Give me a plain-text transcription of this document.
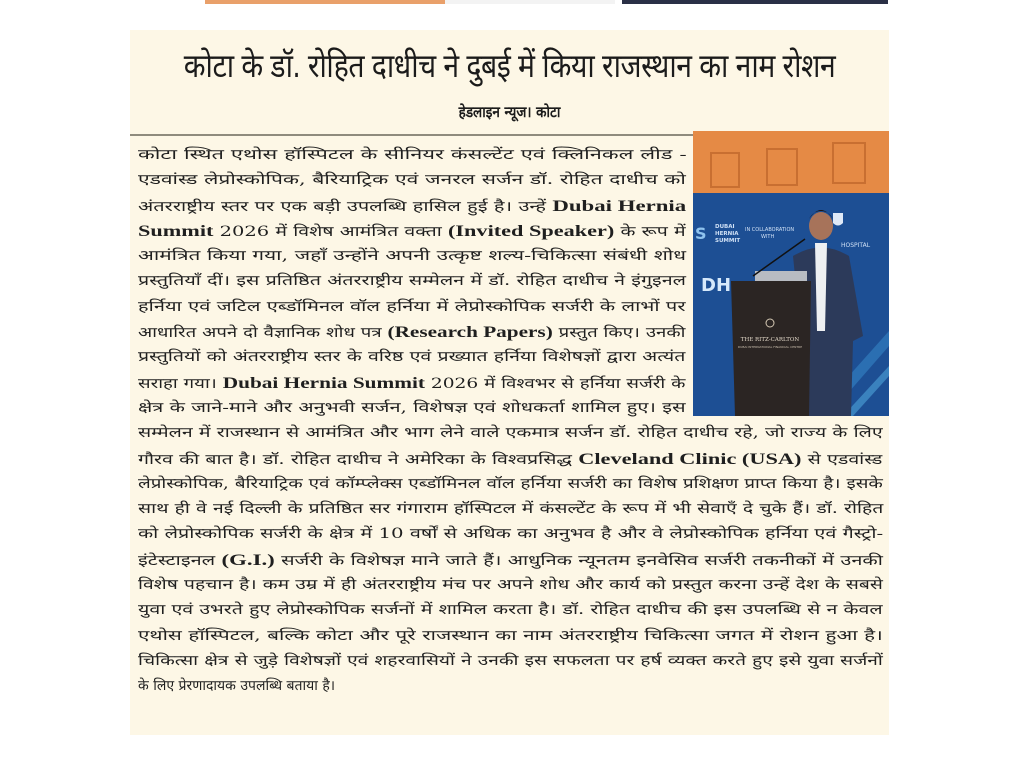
कोटा के डॉ. रोहित दाधीच ने दुबई में किया राजस्थान का नाम रोशन
हेडलाइन न्यूज। कोटा
DUBAI
HERNIA
SUMMIT
IN COLLABORATION
WITH
HOSPITAL
DH
S
THE RITZ-CARLTON
DUBAI INTERNATIONAL FINANCIAL CENTRE
कोटा स्थित एथोस हॉस्पिटल के सीनियर कंसल्टेंट एवं क्लिनिकल लीड -
एडवांस्ड लेप्रोस्कोपिक, बैरियाट्रिक एवं जनरल सर्जन डॉ. रोहित दाधीच को
अंतरराष्ट्रीय स्तर पर एक बड़ी उपलब्धि हासिल हुई है। उन्हें Dubai Hernia
Summit 2026 में विशेष आमंत्रित वक्ता (Invited Speaker) के रूप में
आमंत्रित किया गया, जहाँ उन्होंने अपनी उत्कृष्ट शल्य-चिकित्सा संबंधी शोध
प्रस्तुतियाँ दीं। इस प्रतिष्ठित अंतरराष्ट्रीय सम्मेलन में डॉ. रोहित दाधीच ने इंगुइनल
हर्निया एवं जटिल एब्डॉमिनल वॉल हर्निया में लेप्रोस्कोपिक सर्जरी के लाभों पर
आधारित अपने दो वैज्ञानिक शोध पत्र (Research Papers) प्रस्तुत किए। उनकी
प्रस्तुतियों को अंतरराष्ट्रीय स्तर के वरिष्ठ एवं प्रख्यात हर्निया विशेषज्ञों द्वारा अत्यंत
सराहा गया। Dubai Hernia Summit 2026 में विश्वभर से हर्निया सर्जरी के
क्षेत्र के जाने-माने और अनुभवी सर्जन, विशेषज्ञ एवं शोधकर्ता शामिल हुए। इस
सम्मेलन में राजस्थान से आमंत्रित और भाग लेने वाले एकमात्र सर्जन डॉ. रोहित दाधीच रहे, जो राज्य के लिए
गौरव की बात है। डॉ. रोहित दाधीच ने अमेरिका के विश्वप्रसिद्ध Cleveland Clinic (USA) से एडवांस्ड
लेप्रोस्कोपिक, बैरियाट्रिक एवं कॉम्प्लेक्स एब्डॉमिनल वॉल हर्निया सर्जरी का विशेष प्रशिक्षण प्राप्त किया है। इसके
साथ ही वे नई दिल्ली के प्रतिष्ठित सर गंगाराम हॉस्पिटल में कंसल्टेंट के रूप में भी सेवाएँ दे चुके हैं। डॉ. रोहित
को लेप्रोस्कोपिक सर्जरी के क्षेत्र में 10 वर्षों से अधिक का अनुभव है और वे लेप्रोस्कोपिक हर्निया एवं गैस्ट्रो-
इंटेस्टाइनल (G.I.) सर्जरी के विशेषज्ञ माने जाते हैं। आधुनिक न्यूनतम इनवेसिव सर्जरी तकनीकों में उनकी
विशेष पहचान है। कम उम्र में ही अंतरराष्ट्रीय मंच पर अपने शोध और कार्य को प्रस्तुत करना उन्हें देश के सबसे
युवा एवं उभरते हुए लेप्रोस्कोपिक सर्जनों में शामिल करता है। डॉ. रोहित दाधीच की इस उपलब्धि से न केवल
एथोस हॉस्पिटल, बल्कि कोटा और पूरे राजस्थान का नाम अंतरराष्ट्रीय चिकित्सा जगत में रोशन हुआ है।
चिकित्सा क्षेत्र से जुड़े विशेषज्ञों एवं शहरवासियों ने उनकी इस सफलता पर हर्ष व्यक्त करते हुए इसे युवा सर्जनों
के लिए प्रेरणादायक उपलब्धि बताया है।
